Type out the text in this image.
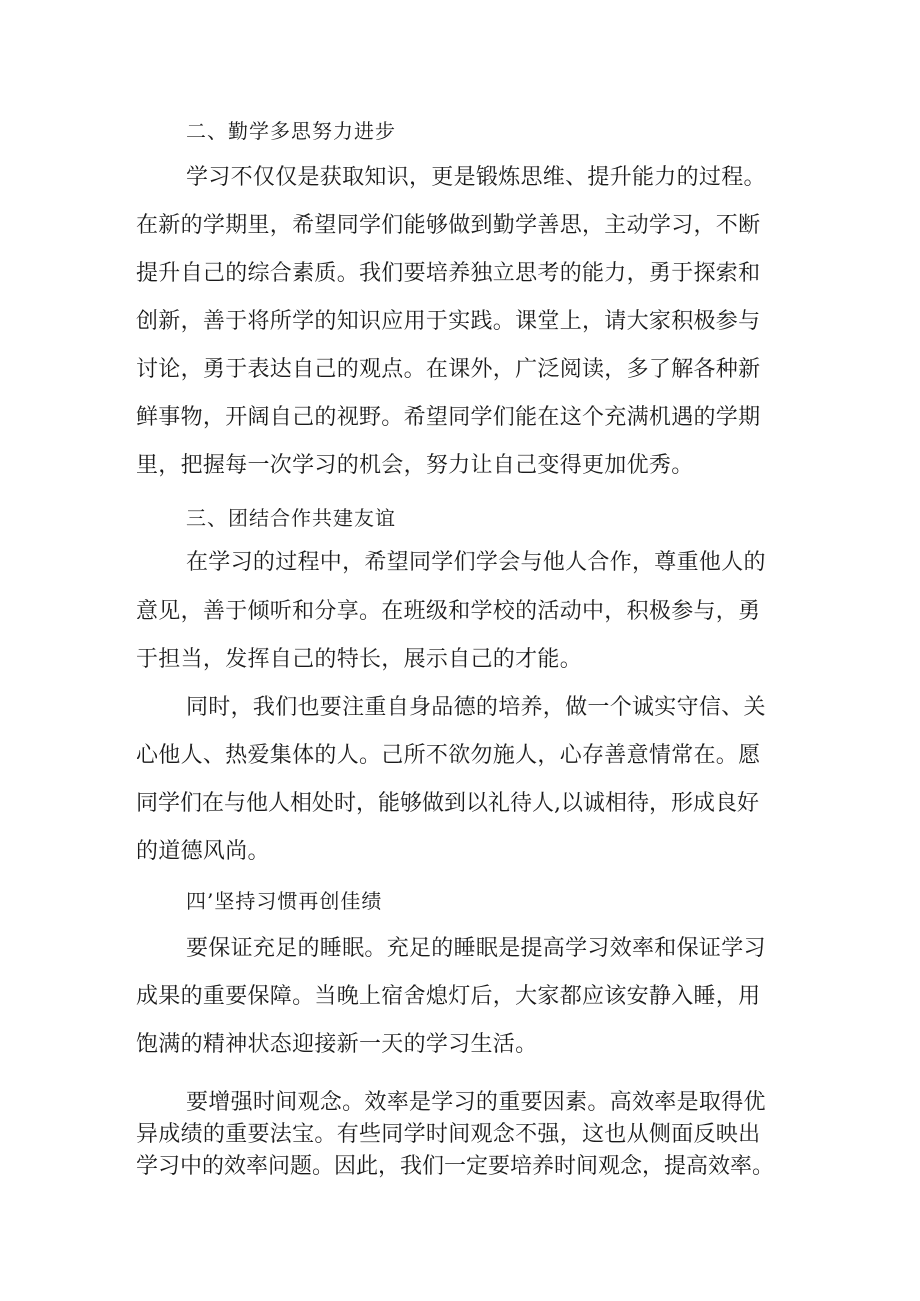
二、勤学多思努力进步
学习不仅仅是获取知识，更是锻炼思维、提升能力的过程。
在新的学期里，希望同学们能够做到勤学善思，主动学习，不断
提升自己的综合素质。我们要培养独立思考的能力，勇于探索和
创新，善于将所学的知识应用于实践。课堂上，请大家积极参与
讨论，勇于表达自己的观点。在课外，广泛阅读，多了解各种新
鲜事物，开阔自己的视野。希望同学们能在这个充满机遇的学期
里，把握每一次学习的机会，努力让自己变得更加优秀。
三、团结合作共建友谊
在学习的过程中，希望同学们学会与他人合作，尊重他人的
意见，善于倾听和分享。在班级和学校的活动中，积极参与，勇
于担当，发挥自己的特长，展示自己的才能。
同时，我们也要注重自身品德的培养，做一个诚实守信、关
心他人、热爱集体的人。己所不欲勿施人，心存善意情常在。愿
同学们在与他人相处时，能够做到以礼待人,以诚相待，形成良好
的道德风尚。
四’坚持习惯再创佳绩
要保证充足的睡眠。充足的睡眠是提高学习效率和保证学习
成果的重要保障。当晚上宿舍熄灯后，大家都应该安静入睡，用
饱满的精神状态迎接新一天的学习生活。
要增强时间观念。效率是学习的重要因素。高效率是取得优
异成绩的重要法宝。有些同学时间观念不强，这也从侧面反映出
学习中的效率问题。因此，我们一定要培养时间观念，提高效率。
